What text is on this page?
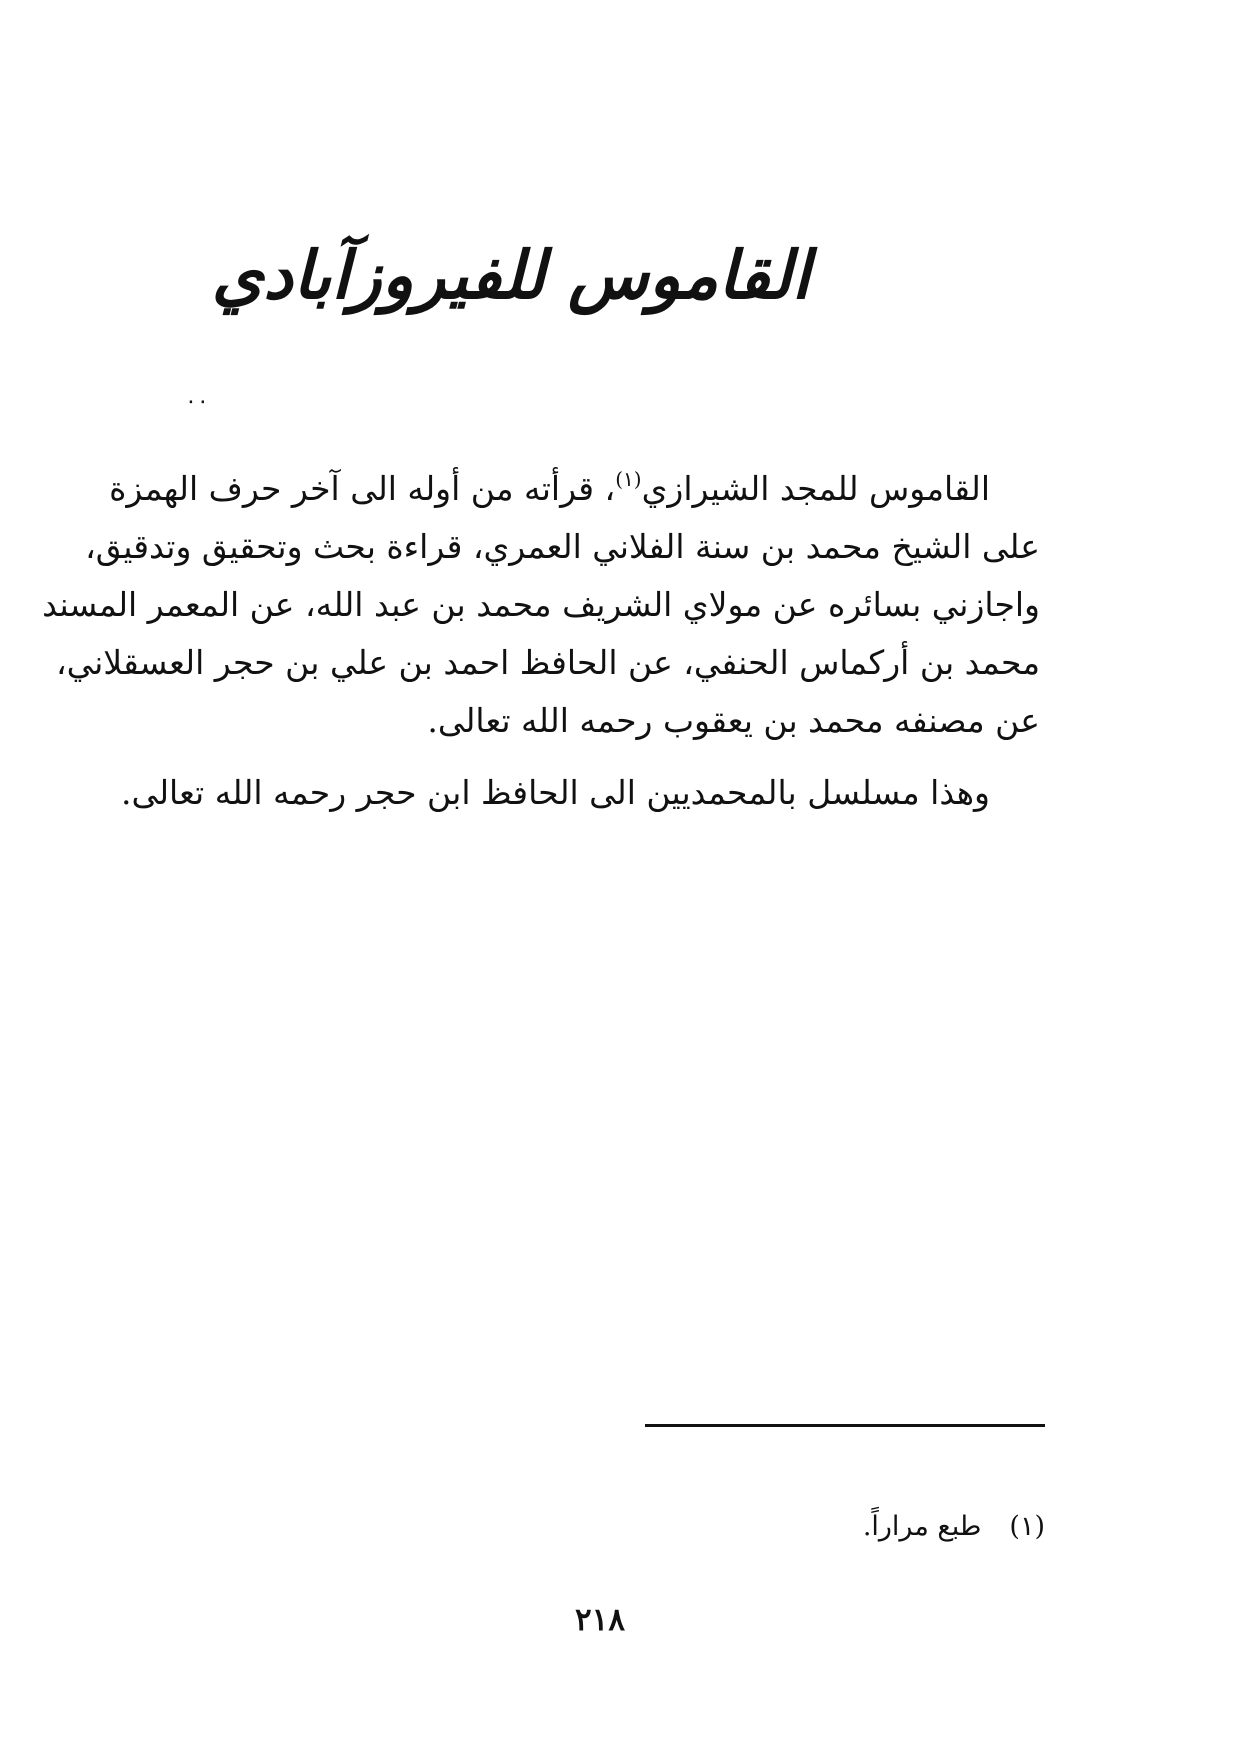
القاموس للفيروزآبادي
٠٠
القاموس للمجد الشيرازي$^{(١)}$، قرأته من أوله الى آخر حرف الهمزة
على الشيخ محمد بن سنة الفلاني العمري، قراءة بحث وتحقيق وتدقيق،
واجازني بسائره عن مولاي الشريف محمد بن عبد الله، عن المعمر المسند
محمد بن أركماس الحنفي، عن الحافظ احمد بن علي بن حجر العسقلاني،
عن مصنفه محمد بن يعقوب رحمه الله تعالى.
وهذا مسلسل بالمحمديين الى الحافظ ابن حجر رحمه الله تعالى.
(١)طبع مراراً.
٢١٨
